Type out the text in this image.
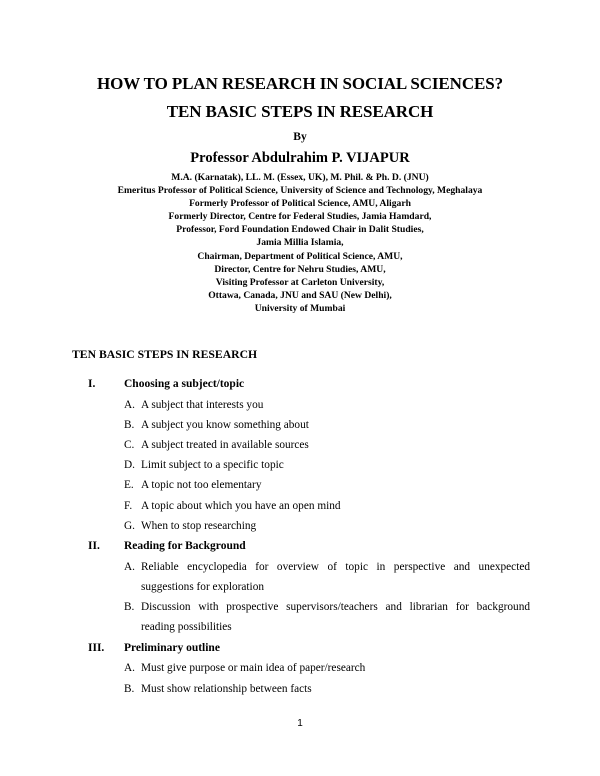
HOW TO PLAN RESEARCH IN SOCIAL SCIENCES?
TEN BASIC STEPS IN RESEARCH
By
Professor Abdulrahim P. VIJAPUR
M.A. (Karnatak), LL. M. (Essex, UK), M. Phil. & Ph. D. (JNU)
Emeritus Professor of Political Science, University of Science and Technology, Meghalaya
Formerly Professor of Political Science, AMU, Aligarh
Formerly Director, Centre for Federal Studies, Jamia Hamdard,
Professor, Ford Foundation Endowed Chair in Dalit Studies,
Jamia Millia Islamia,
Chairman, Department of Political Science, AMU,
Director, Centre for Nehru Studies, AMU,
Visiting Professor at Carleton University,
Ottawa, Canada, JNU and SAU (New Delhi),
University of Mumbai
TEN BASIC STEPS IN RESEARCH
I. Choosing a subject/topic
A. A subject that interests you
B. A subject you know something about
C. A subject treated in available sources
D. Limit subject to a specific topic
E. A topic not too elementary
F. A topic about which you have an open mind
G. When to stop researching
II. Reading for Background
A. Reliable encyclopedia for overview of topic in perspective and unexpected
suggestions for exploration
B. Discussion with prospective supervisors/teachers and librarian for background
reading possibilities
III. Preliminary outline
A. Must give purpose or main idea of paper/research
B. Must show relationship between facts
1
